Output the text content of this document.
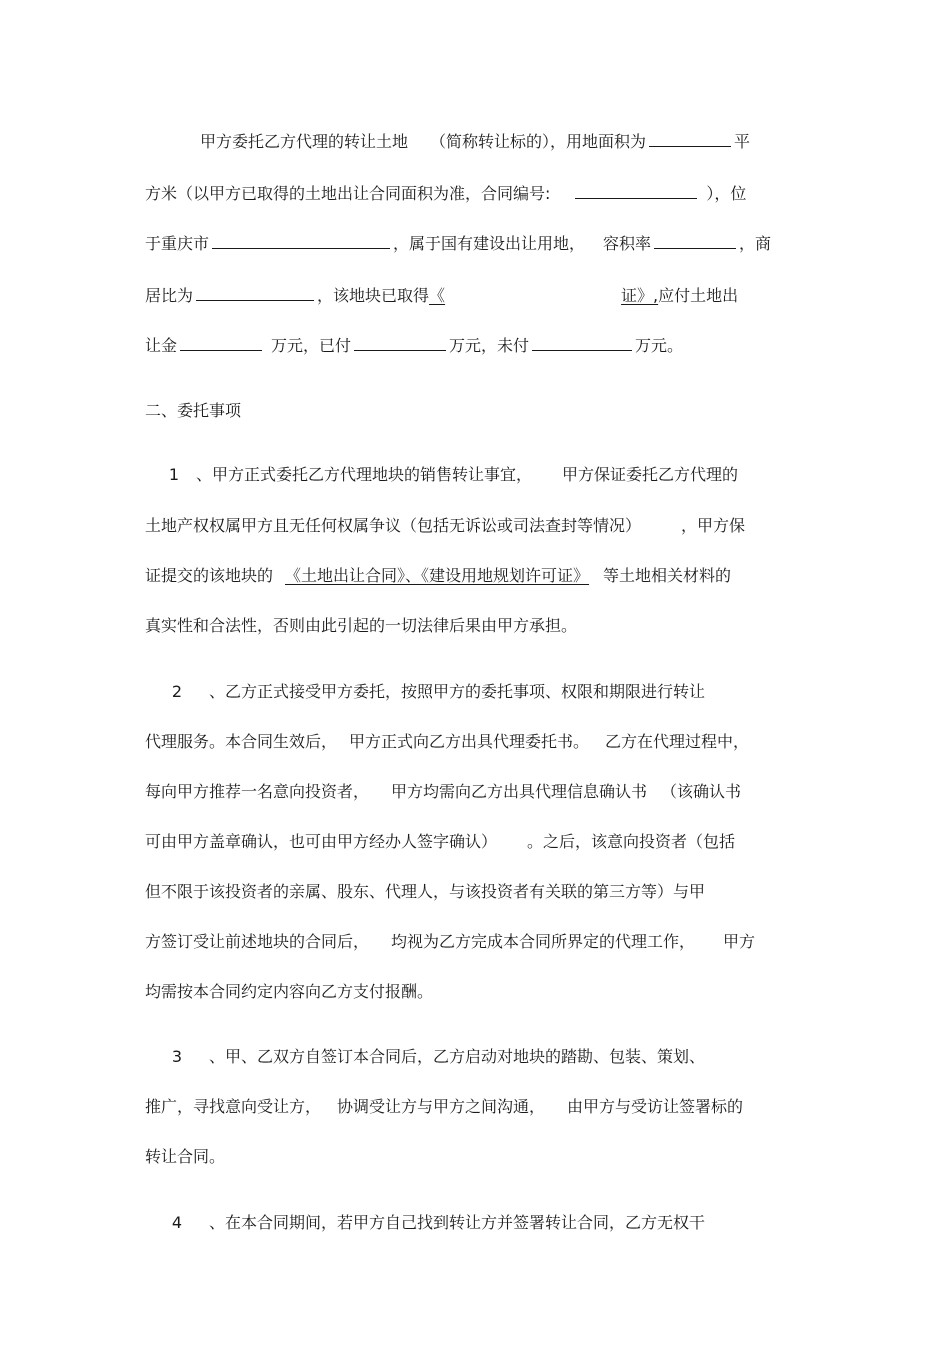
甲方委托乙方代理的转让土地 （简称转让标的），用地面积为	平
方米（以甲方已取得的土地出让合同面积为准，合同编号:	），位
于重庆市	，属于国有建设出让用地， 容积率	，商
居比为	，该地块已取得《	证》,应付土地出
让金	万元，已付	万元，未付	万元。
二、委托事项
1 、甲方正式委托乙方代理地块的销售转让事宜， 甲方保证委托乙方代理的
土地产权权属甲方且无任何权属争议（包括无诉讼或司法查封等情况）	，甲方保
证提交的该地块的 《土地出让合同》、《建设用地规划许可证》 等土地相关材料的
真实性和合法性，否则由此引起的一切法律后果由甲方承担。
2 、乙方正式接受甲方委托，按照甲方的委托事项、权限和期限进行转让
代理服务。本合同生效后， 甲方正式向乙方出具代理委托书。 乙方在代理过程中，
每向甲方推荐一名意向投资者， 甲方均需向乙方出具代理信息确认书 （该确认书
可由甲方盖章确认，也可由甲方经办人签字确认） 。之后，该意向投资者（包括
但不限于该投资者的亲属、股东、代理人，与该投资者有关联的第三方等）与甲
方签订受让前述地块的合同后， 均视为乙方完成本合同所界定的代理工作， 甲方
均需按本合同约定内容向乙方支付报酬。
3 、甲、乙双方自签订本合同后，乙方启动对地块的踏勘、包装、策划、
推广，寻找意向受让方， 协调受让方与甲方之间沟通， 由甲方与受访让签署标的
转让合同。
4 、在本合同期间，若甲方自己找到转让方并签署转让合同，乙方无权干
